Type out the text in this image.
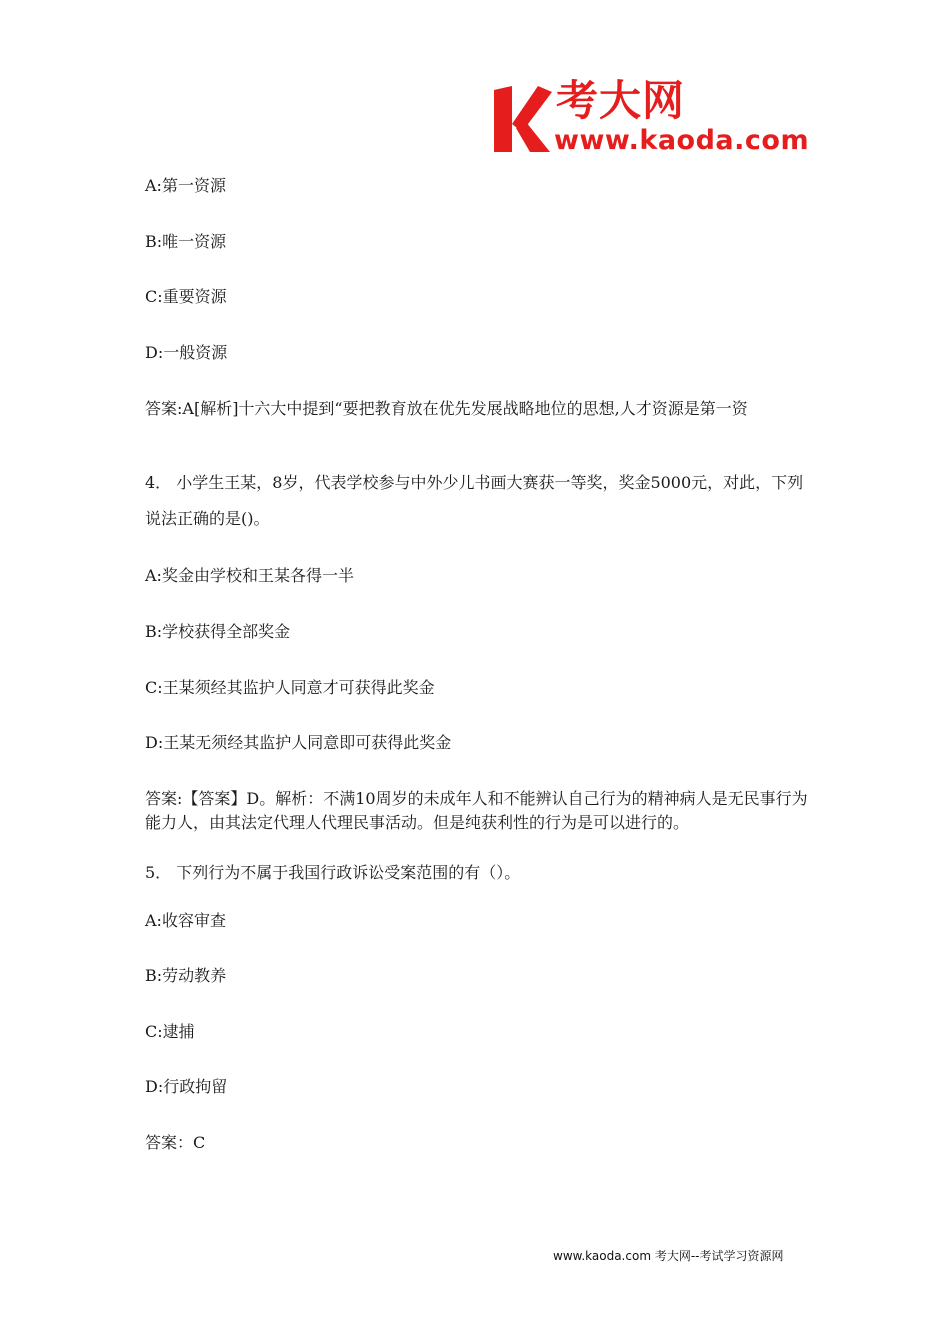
考大网
www.kaoda.com
A:第一资源
B:唯一资源
C:重要资源
D:一般资源
答案:A[解析]十六大中提到“要把教育放在优先发展战略地位的思想,人才资源是第一资
4． 小学生王某，8岁，代表学校参与中外少儿书画大赛获一等奖，奖金5000元，对此，下列说法正确的是()。
A:奖金由学校和王某各得一半
B:学校获得全部奖金
C:王某须经其监护人同意才可获得此奖金
D:王某无须经其监护人同意即可获得此奖金
答案:【答案】D。解析：不满10周岁的未成年人和不能辨认自己行为的精神病人是无民事行为能力人，由其法定代理人代理民事活动。但是纯获利性的行为是可以进行的。
5． 下列行为不属于我国行政诉讼受案范围的有（）。
A:收容审查
B:劳动教养
C:逮捕
D:行政拘留
答案：C
www.kaoda.com 考大网--考试学习资源网
